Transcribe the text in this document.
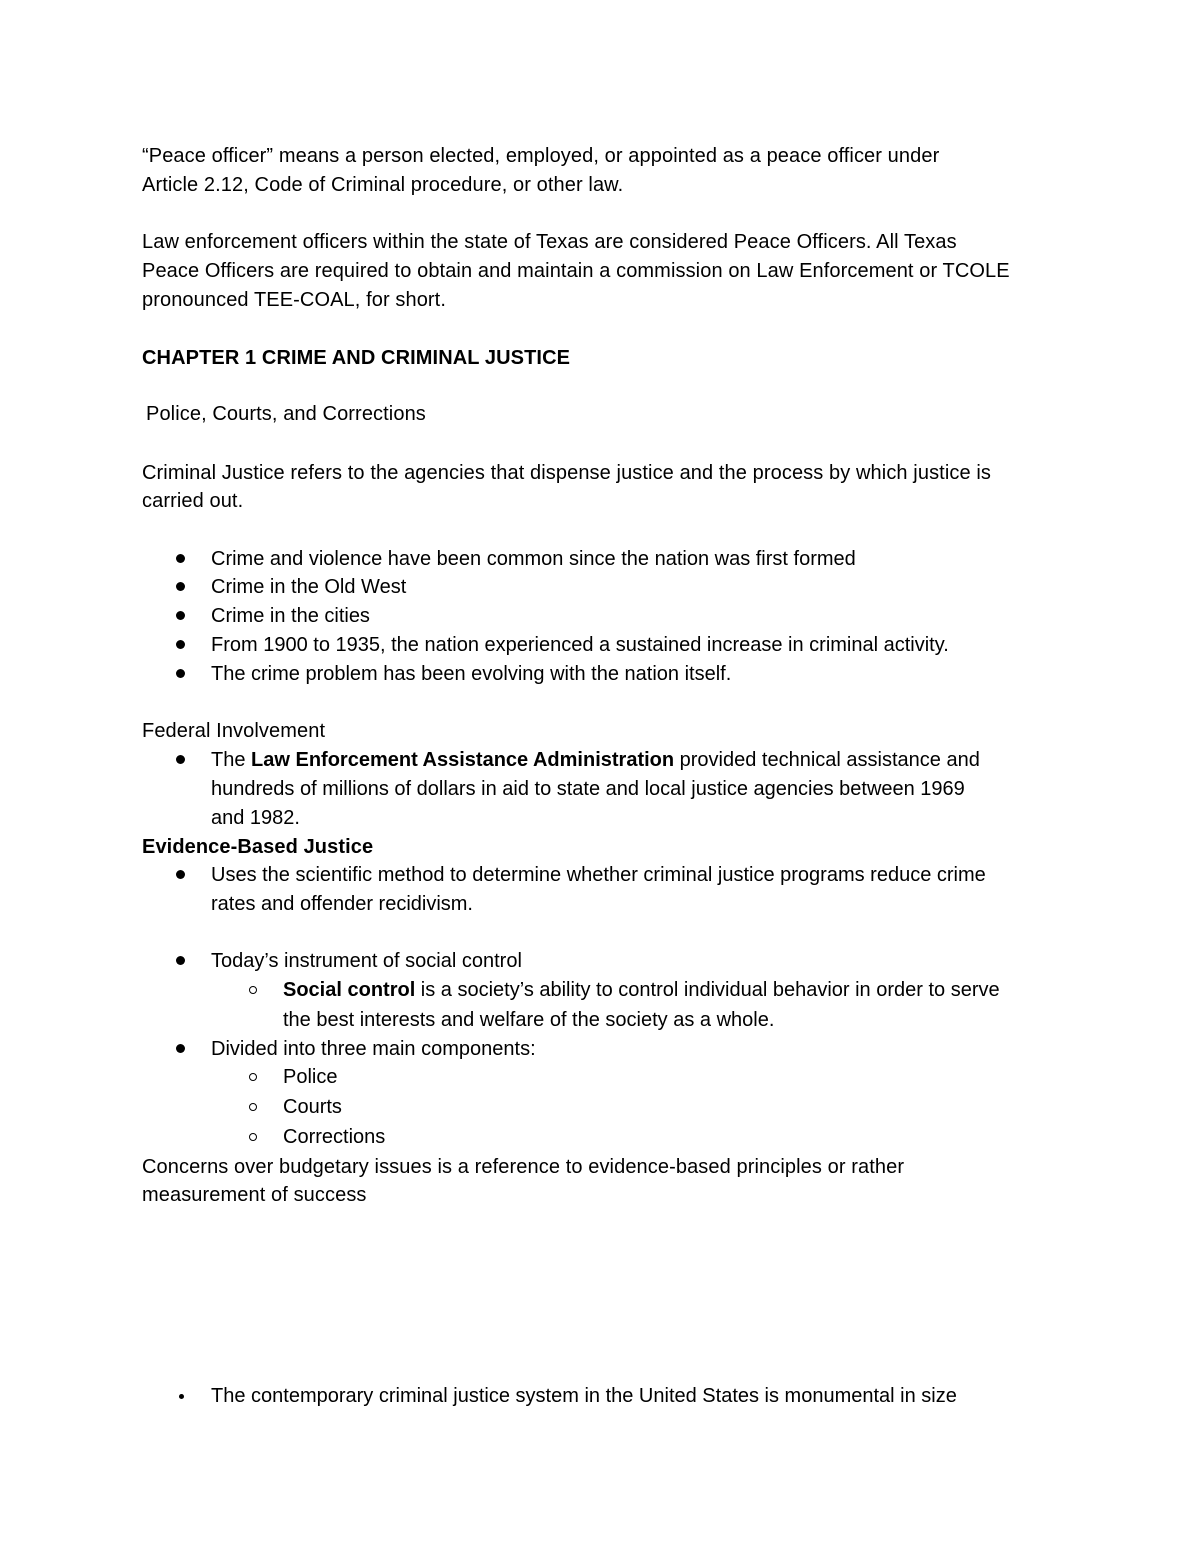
“Peace officer” means a person elected, employed, or appointed as a peace officer under
Article 2.12, Code of Criminal procedure, or other law.
Law enforcement officers within the state of Texas are considered Peace Officers. All Texas
Peace Officers are required to obtain and maintain a commission on Law Enforcement or TCOLE
pronounced TEE-COAL, for short.
CHAPTER 1 CRIME AND CRIMINAL JUSTICE
Police, Courts, and Corrections
Criminal Justice refers to the agencies that dispense justice and the process by which justice is
carried out.
Crime and violence have been common since the nation was first formed
Crime in the Old West
Crime in the cities
From 1900 to 1935, the nation experienced a sustained increase in criminal activity.
The crime problem has been evolving with the nation itself.
Federal Involvement
The Law Enforcement Assistance Administration provided technical assistance and
hundreds of millions of dollars in aid to state and local justice agencies between 1969
and 1982.
Evidence-Based Justice
Uses the scientific method to determine whether criminal justice programs reduce crime
rates and offender recidivism.
Today’s instrument of social control
Social control is a society’s ability to control individual behavior in order to serve
the best interests and welfare of the society as a whole.
Divided into three main components:
Police
Courts
Corrections
Concerns over budgetary issues is a reference to evidence-based principles or rather
measurement of success
The contemporary criminal justice system in the United States is monumental in size
